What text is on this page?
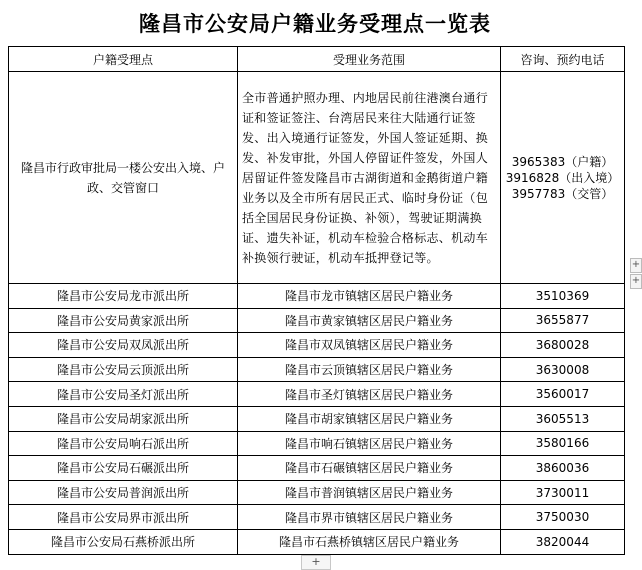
隆昌市公安局户籍业务受理点一览表
户籍受理点	受理业务范围	咨询、预约电话
隆昌市行政审批局一楼公安出入境、户政、交管窗口	全市普通护照办理、内地居民前往港澳台通行证和签证签注、台湾居民来往大陆通行证签发、出入境通行证签发，外国人签证延期、换发、补发审批，外国人停留证件签发，外国人居留证件签发隆昌市古湖街道和金鹅街道户籍业务以及全市所有居民正式、临时身份证（包括全国居民身份证换、补领），驾驶证期满换证、遗失补证，机动车检验合格标志、机动车补换领行驶证，机动车抵押登记等。	3965383（户籍）
3916828（出入境）
3957783（交管）

隆昌市公安局龙市派出所	隆昌市龙市镇辖区居民户籍业务	3510369
隆昌市公安局黄家派出所	隆昌市黄家镇辖区居民户籍业务	3655877
隆昌市公安局双凤派出所	隆昌市双凤镇辖区居民户籍业务	3680028
隆昌市公安局云顶派出所	隆昌市云顶镇辖区居民户籍业务	3630008
隆昌市公安局圣灯派出所	隆昌市圣灯镇辖区居民户籍业务	3560017
隆昌市公安局胡家派出所	隆昌市胡家镇辖区居民户籍业务	3605513
隆昌市公安局响石派出所	隆昌市响石镇辖区居民户籍业务	3580166
隆昌市公安局石碾派出所	隆昌市石碾镇辖区居民户籍业务	3860036
隆昌市公安局普润派出所	隆昌市普润镇辖区居民户籍业务	3730011
隆昌市公安局界市派出所	隆昌市界市镇辖区居民户籍业务	3750030
隆昌市公安局石燕桥派出所	隆昌市石燕桥镇辖区居民户籍业务	3820044
+
+
+
